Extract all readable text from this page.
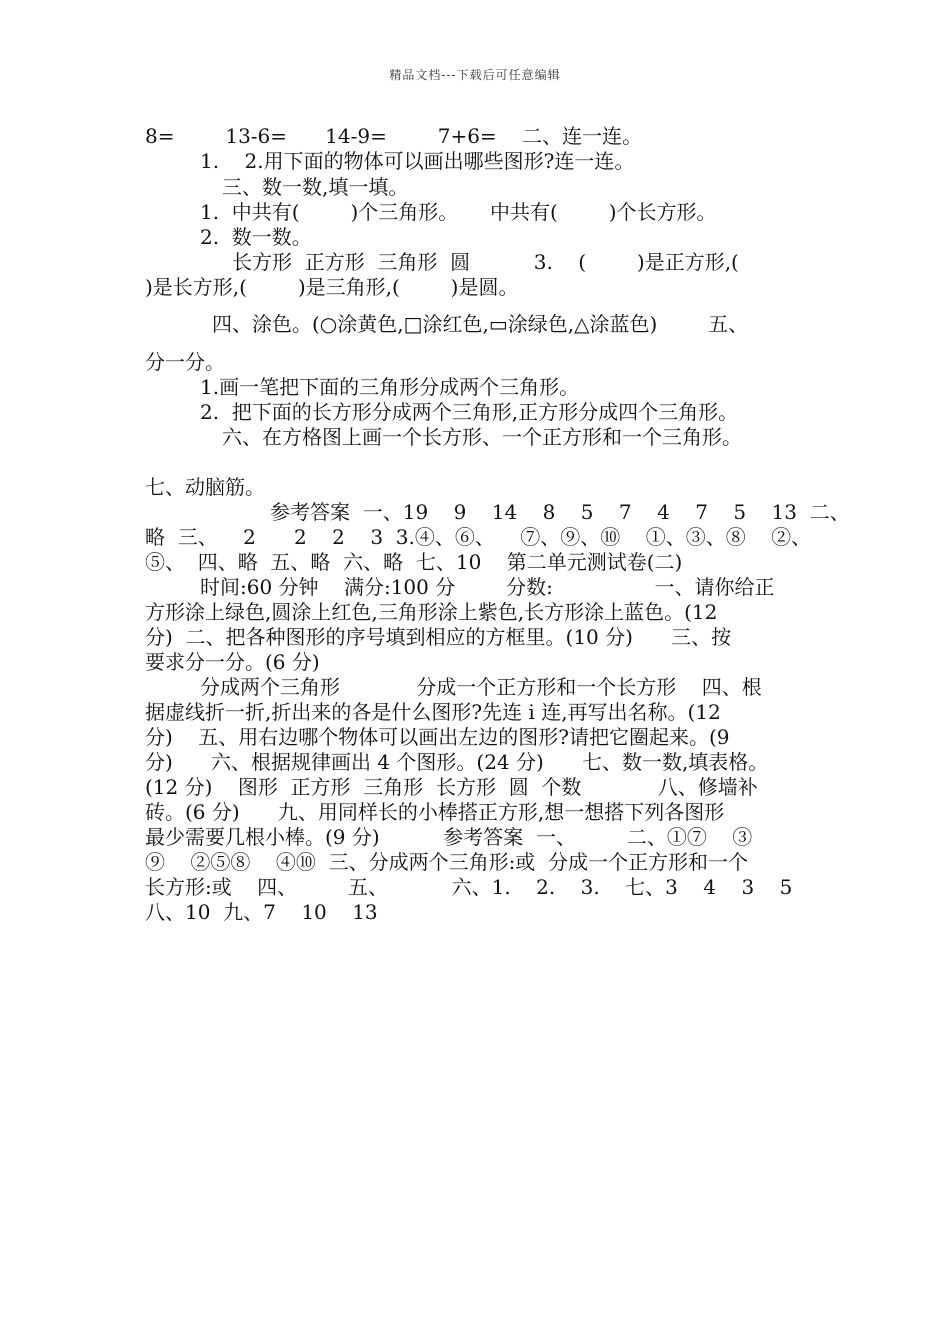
精品文档---下载后可任意编辑
8=        13-6=      14-9=        7+6=    二、连一连。
1.    2.用下面的物体可以画出哪些图形?连一连。
三、数一数,填一填。
1.  中共有(        )个三角形。     中共有(        )个长方形。
2.  数一数。
长方形  正方形  三角形  圆          3.    (        )是正方形,(
)是长方形,(        )是三角形,(        )是圆。
四、涂色。(○涂黄色,□涂红色,▭涂绿色,△涂蓝色)        五、
分一分。
1.画一笔把下面的三角形分成两个三角形。
2.  把下面的长方形分成两个三角形,正方形分成四个三角形。
六、在方格图上画一个长方形、一个正方形和一个三角形。
七、动脑筋。
参考答案  一、19    9    14    8    5    7    4    7    5    13  二、
略  三、    2      2    2    3  3.④、⑥、    ⑦、⑨、⑩    ①、③、⑧    ②、
⑤、  四、略  五、略  六、略  七、10    第二单元测试卷(二)
时间:60 分钟    满分:100 分        分数:                一、请你给正
方形涂上绿色,圆涂上红色,三角形涂上紫色,长方形涂上蓝色。(12
分)  二、把各种图形的序号填到相应的方框里。(10 分)      三、按
要求分一分。(6 分)
分成两个三角形            分成一个正方形和一个长方形    四、根
据虚线折一折,折出来的各是什么图形?先连 i 连,再写出名称。(12
分)    五、用右边哪个物体可以画出左边的图形?请把它圈起来。(9
分)      六、根据规律画出 4 个图形。(24 分)      七、数一数,填表格。
(12 分)    图形  正方形  三角形  长方形  圆  个数            八、修墙补
砖。(6 分)      九、用同样长的小棒搭正方形,想一想搭下列各图形
最少需要几根小棒。(9 分)          参考答案  一、        二、①⑦    ③
⑨    ②⑤⑧    ④⑩  三、分成两个三角形:或  分成一个正方形和一个
长方形:或    四、        五、          六、1.    2.    3.    七、3    4    3    5
八、10  九、7    10    13
